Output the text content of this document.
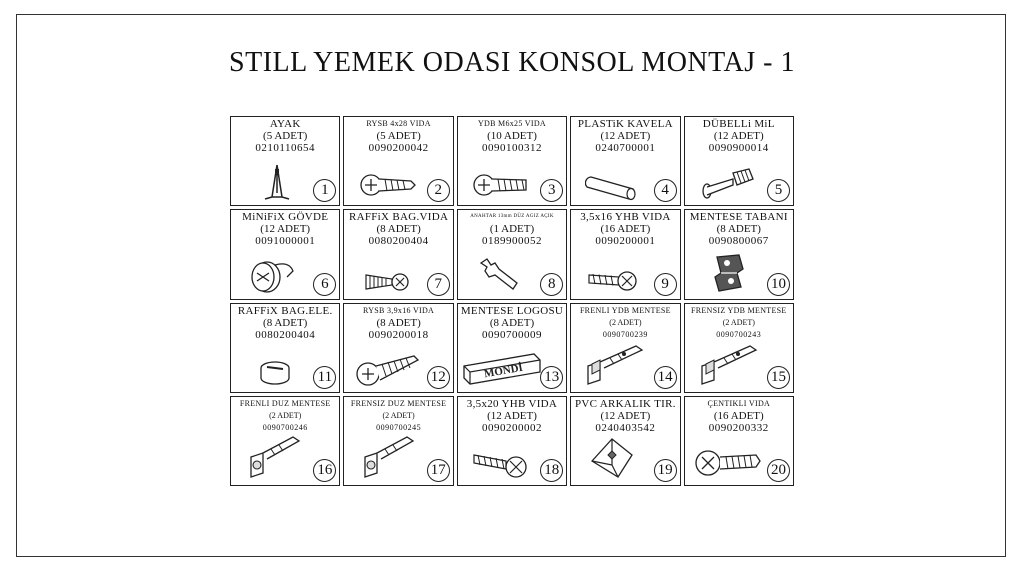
STILL YEMEK ODASI KONSOL MONTAJ - 1
AYAK
(5 ADET)
0210110654
1
RYSB 4x28 VIDA
(5 ADET)
0090200042
2
YDB M6x25 VIDA
(10 ADET)
0090100312
3
PLASTiK KAVELA
(12 ADET)
0240700001
4
DÜBELLi MiL
(12 ADET)
0090900014
5
MiNiFiX GÖVDE
(12 ADET)
0091000001
6
RAFFiX BAG.VIDA
(8 ADET)
0080200404
7
ANAHTAR 13mm DÜZ AGIZ AÇIK
(1 ADET)
0189900052
8
3,5x16 YHB VIDA
(16 ADET)
0090200001
9
MENTESE TABANI
(8 ADET)
0090800067
10
RAFFiX BAG.ELE.
(8 ADET)
0080200404
11
RYSB 3,9x16 VIDA
(8 ADET)
0090200018
12
MENTESE LOGOSU
(8 ADET)
0090700009
MONDİ 13
FRENLI YDB MENTESE
(2 ADET)
0090700239
14
FRENSIZ YDB MENTESE
(2 ADET)
0090700243
15
FRENLI DUZ MENTESE
(2 ADET)
0090700246
16
FRENSIZ DUZ MENTESE
(2 ADET)
0090700245
17
3,5x20 YHB VIDA
(12 ADET)
0090200002
18
PVC ARKALIK TIR.
(12 ADET)
0240403542
19
ÇENTIKLI VIDA
(16 ADET)
0090200332
20
